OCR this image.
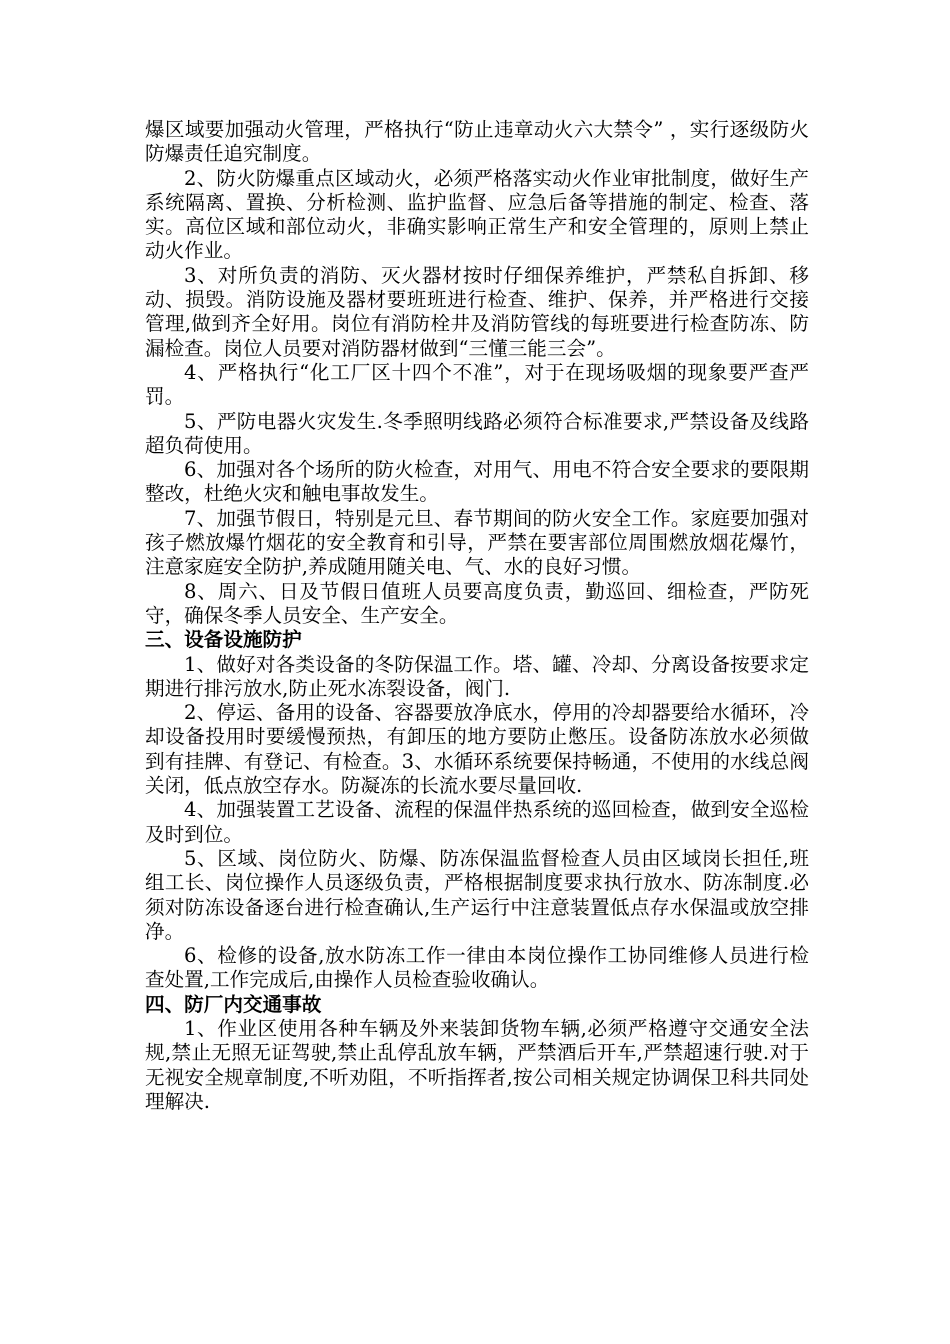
爆区域要加强动火管理，严格执行“防止违章动火六大禁令” ，实行逐级防火防爆责任追究制度。

2、防火防爆重点区域动火，必须严格落实动火作业审批制度，做好生产系统隔离、置换、分析检测、监护监督、应急后备等措施的制定、检查、落实。高位区域和部位动火，非确实影响正常生产和安全管理的，原则上禁止动火作业。

3、对所负责的消防、灭火器材按时仔细保养维护，严禁私自拆卸、移动、损毁。消防设施及器材要班班进行检查、维护、保养，并严格进行交接管理,做到齐全好用。岗位有消防栓井及消防管线的每班要进行检查防冻、防漏检查。岗位人员要对消防器材做到“三懂三能三会”。

4、严格执行“化工厂区十四个不准”，对于在现场吸烟的现象要严查严罚。

5、严防电器火灾发生.冬季照明线路必须符合标准要求,严禁设备及线路超负荷使用。

6、加强对各个场所的防火检查，对用气、用电不符合安全要求的要限期整改，杜绝火灾和触电事故发生。

7、加强节假日，特别是元旦、春节期间的防火安全工作。家庭要加强对孩子燃放爆竹烟花的安全教育和引导，严禁在要害部位周围燃放烟花爆竹，注意家庭安全防护,养成随用随关电、气、水的良好习惯。

8、周六、日及节假日值班人员要高度负责，勤巡回、细检查，严防死守，确保冬季人员安全、生产安全。

三、设备设施防护

1、做好对各类设备的冬防保温工作。塔、罐、冷却、分离设备按要求定期进行排污放水,防止死水冻裂设备，阀门.

2、停运、备用的设备、容器要放净底水，停用的冷却器要给水循环，冷却设备投用时要缓慢预热，有卸压的地方要防止憋压。设备防冻放水必须做到有挂牌、有登记、有检查。3、水循环系统要保持畅通，不使用的水线总阀关闭，低点放空存水。防凝冻的长流水要尽量回收.

4、加强装置工艺设备、流程的保温伴热系统的巡回检查，做到安全巡检及时到位。

5、区域、岗位防火、防爆、防冻保温监督检查人员由区域岗长担任,班组工长、岗位操作人员逐级负责，严格根据制度要求执行放水、防冻制度.必须对防冻设备逐台进行检查确认,生产运行中注意装置低点存水保温或放空排净。

6、检修的设备,放水防冻工作一律由本岗位操作工协同维修人员进行检查处置,工作完成后,由操作人员检查验收确认。

四、防厂内交通事故

1、作业区使用各种车辆及外来装卸货物车辆,必须严格遵守交通安全法规,禁止无照无证驾驶,禁止乱停乱放车辆，严禁酒后开车,严禁超速行驶.对于无视安全规章制度,不听劝阻，不听指挥者,按公司相关规定协调保卫科共同处理解决.
